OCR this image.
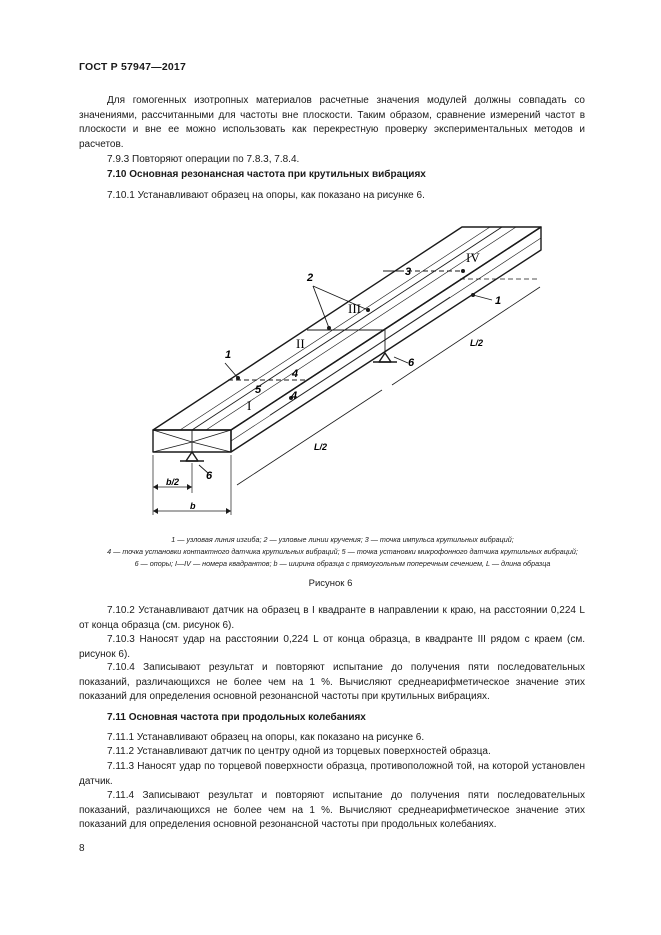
ГОСТ Р 57947—2017

Для гомогенных изотропных материалов расчетные значения модулей должны совпадать со значениями, рассчитанными для частоты вне плоскости. Таким образом, сравнение измерений частот в плоскости и вне ее можно использовать как перекрестную проверку экспериментальных методов и расчетов.

7.9.3 Повторяют операции по 7.8.3, 7.8.4.

7.10 Основная резонансная частота при крутильных вибрациях

7.10.1 Устанавливают образец на опоры, как показано на рисунке 6.

1
1
2	3
4
4
5
6
6
I
II
III
IV
L/2
L/2
b/2
b
1 — узловая линия изгиба; 2 — узловые линии кручения; 3 — точка импульса крутильных вибраций;
4 — точка установки контактного датчика крутильных вибраций; 5 — точка установки микрофонного датчика крутильных вибраций;
6 — опоры; I—IV — номера квадрантов; b — ширина образца с прямоугольным поперечным сечением, L — длина образца
Рисунок 6

7.10.2 Устанавливают датчик на образец в I квадранте в направлении к краю, на расстоянии 0,224 L от конца образца (см. рисунок 6).

7.10.3 Наносят удар на расстоянии 0,224 L от конца образца, в квадранте III рядом с краем (см. рисунок 6).

7.10.4 Записывают результат и повторяют испытание до получения пяти последовательных показаний, различающихся не более чем на 1 %. Вычисляют среднеарифметическое значение этих показаний для определения основной резонансной частоты при крутильных вибрациях.

7.11 Основная частота при продольных колебаниях

7.11.1 Устанавливают образец на опоры, как показано на рисунке 6.

7.11.2 Устанавливают датчик по центру одной из торцевых поверхностей образца.

7.11.3 Наносят удар по торцевой поверхности образца, противоположной той, на которой установлен датчик.

7.11.4 Записывают результат и повторяют испытание до получения пяти последовательных показаний, различающихся не более чем на 1 %. Вычисляют среднеарифметическое значение этих показаний для определения основной резонансной частоты при продольных колебаниях.

8
